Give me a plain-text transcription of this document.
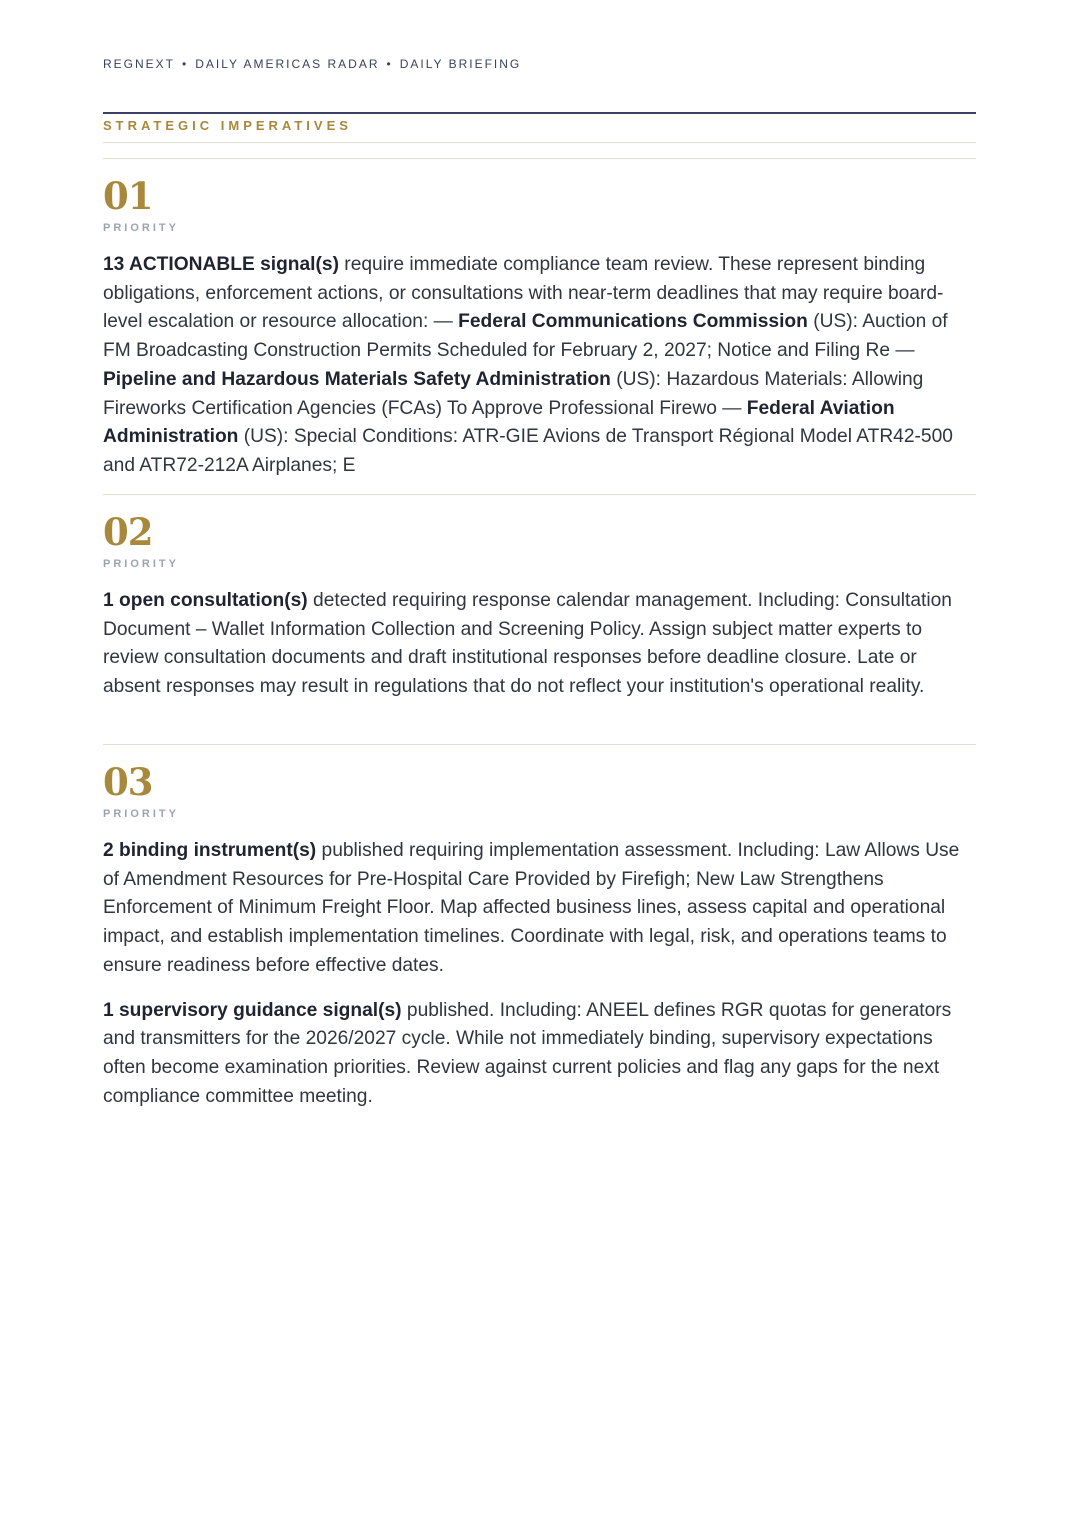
REGNEXT • DAILY AMERICAS RADAR • DAILY BRIEFING
STRATEGIC IMPERATIVES
01
PRIORITY

13 ACTIONABLE signal(s) require immediate compliance team review. These represent binding obligations, enforcement actions, or consultations with near-term deadlines that may require board-level escalation or resource allocation: — Federal Communications Commission (US): Auction of FM Broadcasting Construction Permits Scheduled for February 2, 2027; Notice and Filing Re — Pipeline and Hazardous Materials Safety Administration (US): Hazardous Materials: Allowing Fireworks Certification Agencies (FCAs) To Approve Professional Firewo — Federal Aviation Administration (US): Special Conditions: ATR-GIE Avions de Transport Régional Model ATR42-500 and ATR72-212A Airplanes; E

02
PRIORITY

1 open consultation(s) detected requiring response calendar management. Including: Consultation Document – Wallet Information Collection and Screening Policy. Assign subject matter experts to review consultation documents and draft institutional responses before deadline closure. Late or absent responses may result in regulations that do not reflect your institution's operational reality.

03
PRIORITY

2 binding instrument(s) published requiring implementation assessment. Including: Law Allows Use of Amendment Resources for Pre-Hospital Care Provided by Firefigh; New Law Strengthens Enforcement of Minimum Freight Floor. Map affected business lines, assess capital and operational impact, and establish implementation timelines. Coordinate with legal, risk, and operations teams to ensure readiness before effective dates.

1 supervisory guidance signal(s) published. Including: ANEEL defines RGR quotas for generators and transmitters for the 2026/2027 cycle. While not immediately binding, supervisory expectations often become examination priorities. Review against current policies and flag any gaps for the next compliance committee meeting.
